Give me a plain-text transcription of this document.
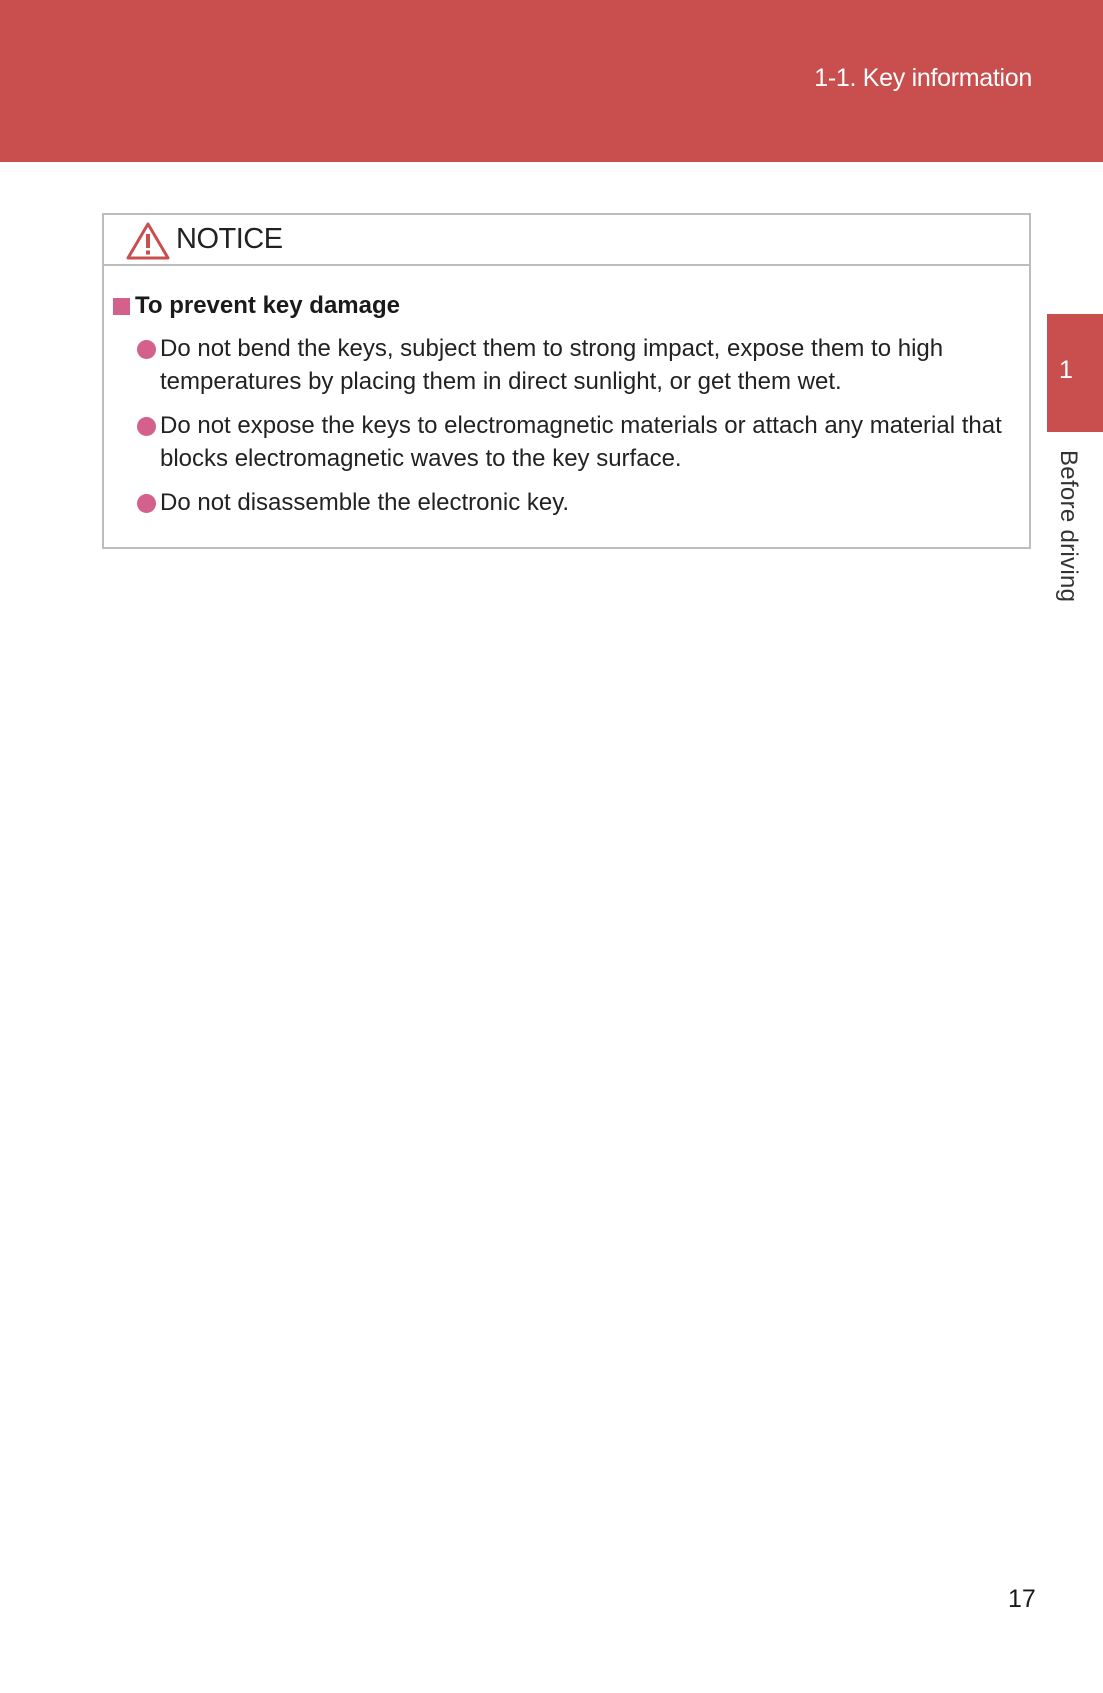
1-1. Key information
1
Before driving
NOTICE
To prevent key damage
Do not bend the keys, subject them to strong impact, expose them to high temperatures by placing them in direct sunlight, or get them wet.
Do not expose the keys to electromagnetic materials or attach any material that blocks electromagnetic waves to the key surface.
Do not disassemble the electronic key.
17
